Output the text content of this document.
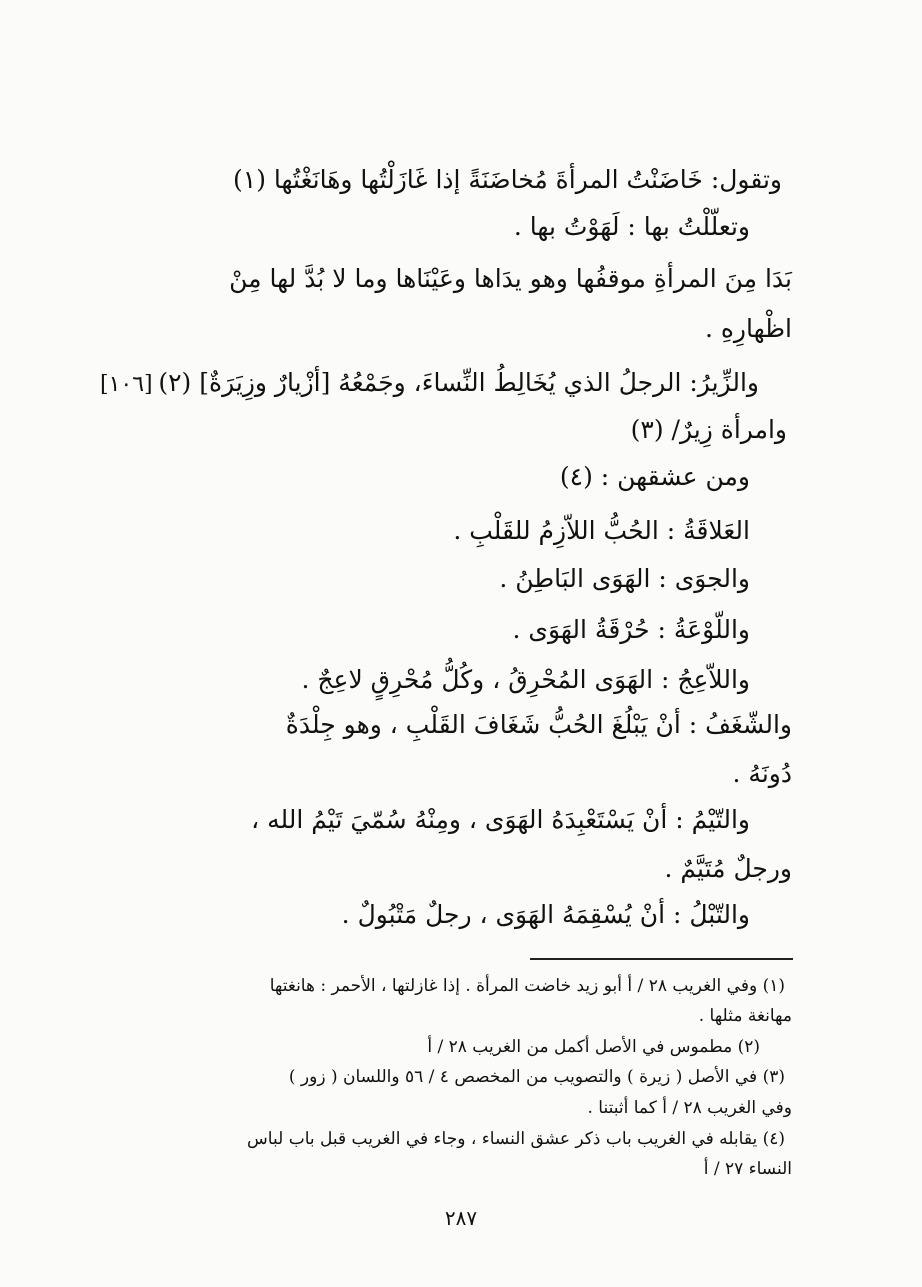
وتقول: خَاضَنْتُ المرأةَ مُخاضَنَةً إذا غَازَلْتُها وهَانَغْتُها (١)
وتعلّلْتُ بها : لَهَوْتُ بها .
بَدَا مِنَ المرأةِ موقفُها وهو يدَاها وعَيْنَاها وما لا بُدَّ لها مِنْ
اظْهارِهِ .
والزِّيرُ: الرجلُ الذي يُخَالِطُ النِّساءَ، وجَمْعُهُ [أزْيارٌ وزِيَرَةٌ] (٢)
[١٠٦]
وامرأة زِيرٌ/ (٣)
ومن عشقهن : (٤)
العَلاقَةُ : الحُبُّ اللاّزِمُ للقَلْبِ .
والجوَى : الهَوَى البَاطِنُ .
واللّوْعَةُ : حُرْقَةُ الهَوَى .
واللاّعِجُ : الهَوَى المُحْرِقُ ، وكُلُّ مُحْرِقٍ لاعِجٌ .
والشّغَفُ : أنْ يَبْلُغَ الحُبُّ شَغَافَ القَلْبِ ، وهو جِلْدَةٌ
دُونَهُ .
والتّيْمُ : أنْ يَسْتَعْبِدَهُ الهَوَى ، ومِنْهُ سُمّيَ تَيْمُ الله ،
ورجلٌ مُتَيَّمٌ .
والتّبْلُ : أنْ يُسْقِمَهُ الهَوَى ، رجلٌ مَتْبُولٌ .
(١) وفي الغريب ٢٨ / أ أبو زيد خاضت المرأة . إذا غازلتها ، الأحمر : هانغتها
مهانغة مثلها .
(٢) مطموس في الأصل أكمل من الغريب ٢٨ / أ
(٣) في الأصل ( زيرة ) والتصويب من المخصص ٤ / ٥٦ واللسان ( زور )
وفي الغريب ٢٨ / أ كما أثبتنا .
(٤) يقابله في الغريب باب ذكر عشق النساء ، وجاء في الغريب قبل باب لباس
النساء ٢٧ / أ
٢٨٧
